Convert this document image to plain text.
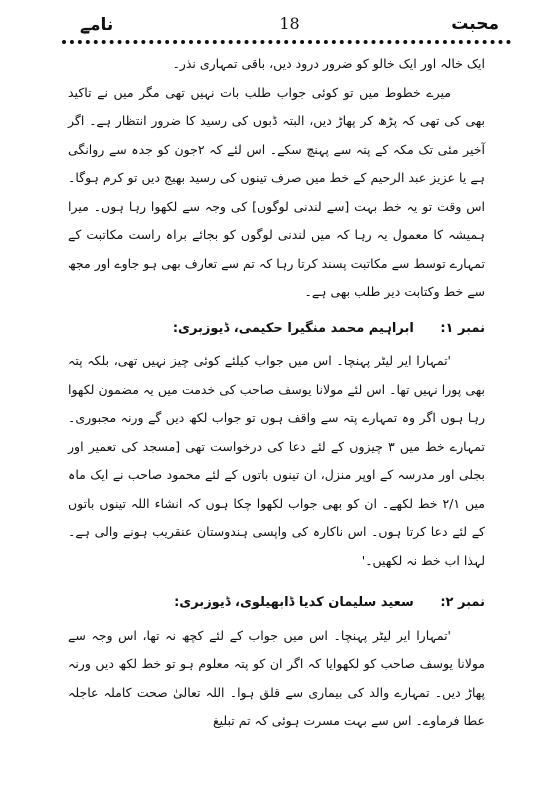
نامے	18	محبت

ایک خالہ اور ایک خالو کو ضرور درود دیں، باقی تمہاری نذر۔

میرے خطوط میں تو کوئی جواب طلب بات نہیں تھی مگر میں نے تاکید بھی کی تھی کہ پڑھ کر پھاڑ دیں، البتہ ڈبوں کی رسید کا ضرور انتظار ہے۔ اگر آخیر مئی تک مکہ کے پتہ سے پہنچ سکے۔ اس لئے کہ ۲جون کو جدہ سے روانگی ہے یا عزیز عبد الرحیم کے خط میں صرف تینوں کی رسید بھیج دیں تو کرم ہوگا۔ اس وقت تو یہ خط بہت [سے لندنی لوگوں] کی وجہ سے لکھوا رہا ہوں۔ میرا ہمیشہ کا معمول یہ رہا کہ میں لندنی لوگوں کو بجائے براہ راست مکاتبت کے تمہارے توسط سے مکاتبت پسند کرتا رہا کہ تم سے تعارف بھی ہو جاوے اور مجھ سے خط وکتابت دیر طلب بھی ہے۔

نمبر ۱: ابراہیم محمد منگیرا حکیمی، ڈیوزبری:

'تمہارا ایر لیٹر پہنچا۔ اس میں جواب کیلئے کوئی چیز نہیں تھی، بلکہ پتہ بھی پورا نہیں تھا۔ اس لئے مولانا یوسف صاحب کی خدمت میں یہ مضمون لکھوا رہا ہوں اگر وہ تمہارے پتہ سے واقف ہوں تو جواب لکھ دیں گے ورنہ مجبوری۔ تمہارے خط میں ۳ چیزوں کے لئے دعا کی درخواست تھی [مسجد کی تعمیر اور بجلی اور مدرسہ کے اوپر منزل، ان تینوں باتوں کے لئے محمود صاحب نے ایک ماہ میں ۲/۱ خط لکھے۔ ان کو بھی جواب لکھوا چکا ہوں کہ انشاء اللہ تینوں باتوں کے لئے دعا کرتا ہوں۔ اس ناکارہ کی واپسی ہندوستان عنقریب ہونے والی ہے۔ لہذا اب خط نہ لکھیں۔'

نمبر ۲: سعید سلیمان کدیا ڈابھیلوی، ڈیوزبری:

'تمہارا ایر لیٹر پہنچا۔ اس میں جواب کے لئے کچھ نہ تھا، اس وجہ سے مولانا یوسف صاحب کو لکھوایا کہ اگر ان کو پتہ معلوم ہو تو خط لکھ دیں ورنہ پھاڑ دیں۔ تمہارے والد کی بیماری سے قلق ہوا۔ اللہ تعالیٰ صحت کاملہ عاجلہ عطا فرماوے۔ اس سے بہت مسرت ہوئی کہ تم تبلیغ
